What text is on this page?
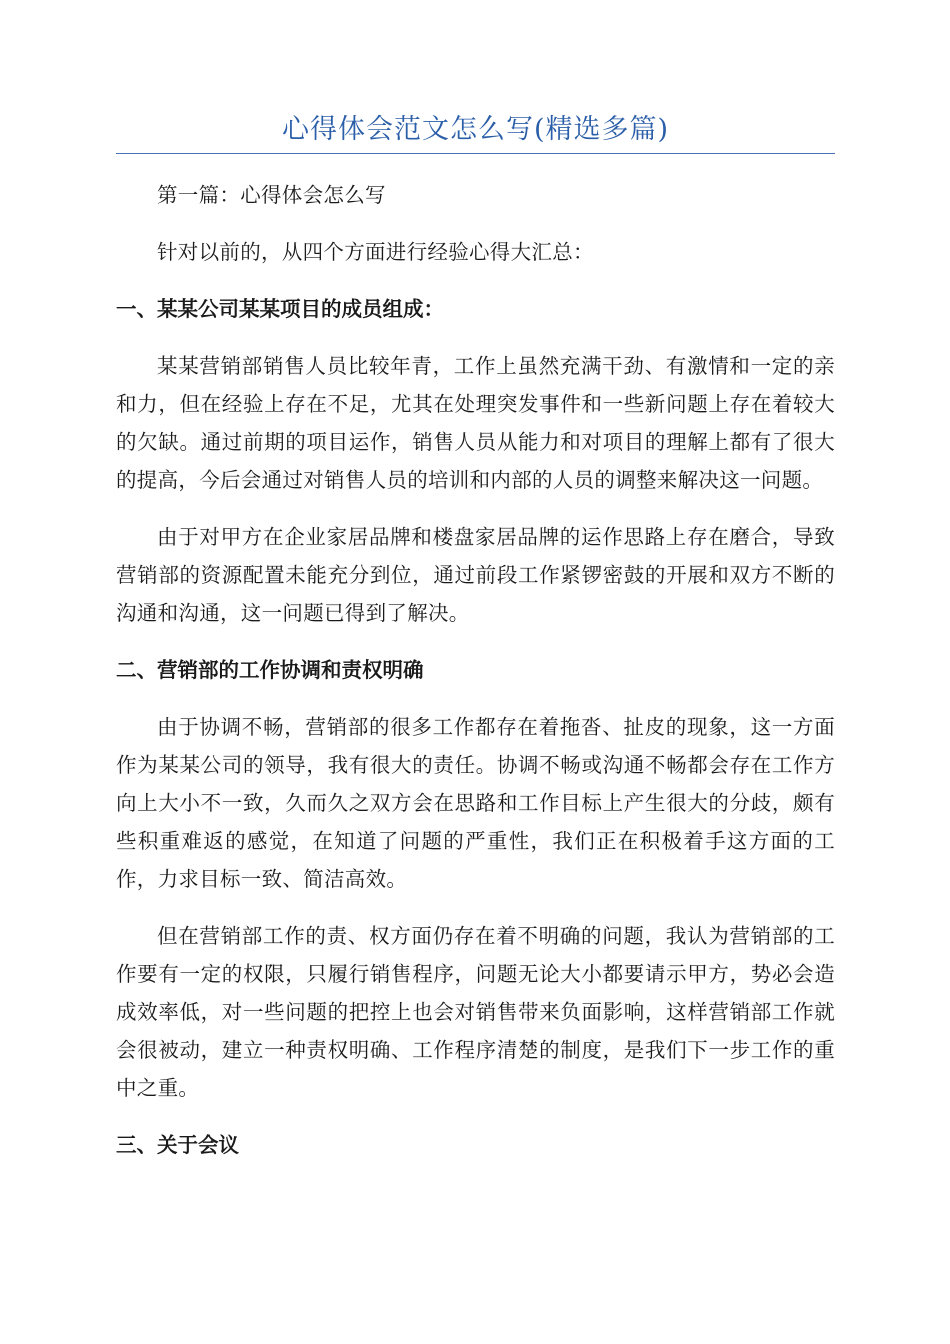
心得体会范文怎么写(精选多篇)

第一篇：心得体会怎么写

针对以前的，从四个方面进行经验心得大汇总：

一、某某公司某某项目的成员组成：

某某营销部销售人员比较年青，工作上虽然充满干劲、有激情和一定的亲和力，但在经验上存在不足，尤其在处理突发事件和一些新问题上存在着较大的欠缺。通过前期的项目运作，销售人员从能力和对项目的理解上都有了很大的提高，今后会通过对销售人员的培训和内部的人员的调整来解决这一问题。

由于对甲方在企业家居品牌和楼盘家居品牌的运作思路上存在磨合，导致营销部的资源配置未能充分到位，通过前段工作紧锣密鼓的开展和双方不断的沟通和沟通，这一问题已得到了解决。

二、营销部的工作协调和责权明确

由于协调不畅，营销部的很多工作都存在着拖沓、扯皮的现象，这一方面作为某某公司的领导，我有很大的责任。协调不畅或沟通不畅都会存在工作方向上大小不一致，久而久之双方会在思路和工作目标上产生很大的分歧，颇有些积重难返的感觉，在知道了问题的严重性，我们正在积极着手这方面的工作，力求目标一致、简洁高效。

但在营销部工作的责、权方面仍存在着不明确的问题，我认为营销部的工作要有一定的权限，只履行销售程序，问题无论大小都要请示甲方，势必会造成效率低，对一些问题的把控上也会对销售带来负面影响，这样营销部工作就会很被动，建立一种责权明确、工作程序清楚的制度，是我们下一步工作的重中之重。

三、关于会议
